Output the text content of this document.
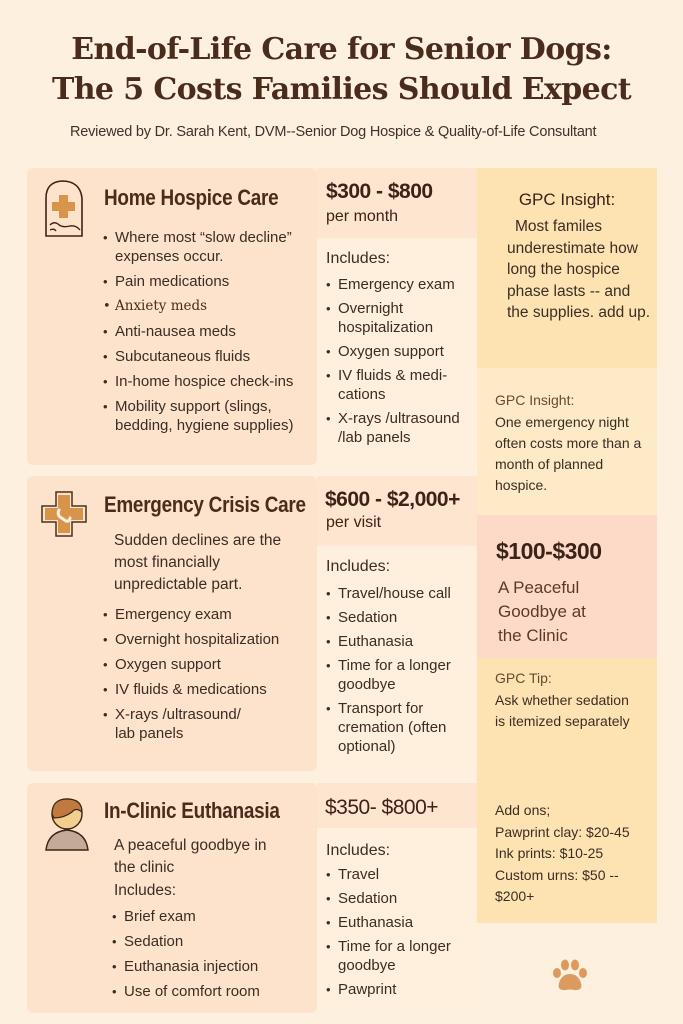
End-of-Life Care for Senior Dogs:
The 5 Costs Families Should Expect
Reviewed by Dr. Sarah Kent, DVM--Senior Dog Hospice & Quality-of-Life Consultant
Home Hospice Care
• Where most “slow decline” expenses occur.
• Pain medications
• Anxiety meds
• Anti-nausea meds
• Subcutaneous fluids
• In-home hospice check-ins
• Mobility support (slings, bedding, hygiene supplies)
$300 - $800
per month
Includes:
• Emergency exam
• Overnight hospitalization
• Oxygen support
• IV fluids & medi- cations
• X-rays /ultrasound /lab panels
GPC Insight:
Most familes underestimate how long the hospice phase lasts -- and the supplies. add up.
GPC Insight:
One emergency night often costs more than a month of planned hospice.
Emergency Crisis Care
Sudden declines are the most financially unpredictable part.
• Emergency exam
• Overnight hospitalization
• Oxygen support
• IV fluids & medications
• X-rays /ultrasound/ lab panels
$600 - $2,000+
per visit
Includes:
• Travel/house call
• Sedation
• Euthanasia
• Time for a longer goodbye
• Transport for cremation (often optional)
$100-$300
A Peaceful Goodbye at the Clinic
GPC Tip:
Ask whether sedation is itemized separately
Add ons;
Pawprint clay: $20-45
Ink prints: $10-25
Custom urns: $50 -- $200+
In-Clinic Euthanasia
A peaceful goodbye in the clinic
Includes:
• Brief exam
• Sedation
• Euthanasia injection
• Use of comfort room
$350- $800+
Includes:
• Travel
• Sedation
• Euthanasia
• Time for a longer goodbye
• Pawprint
